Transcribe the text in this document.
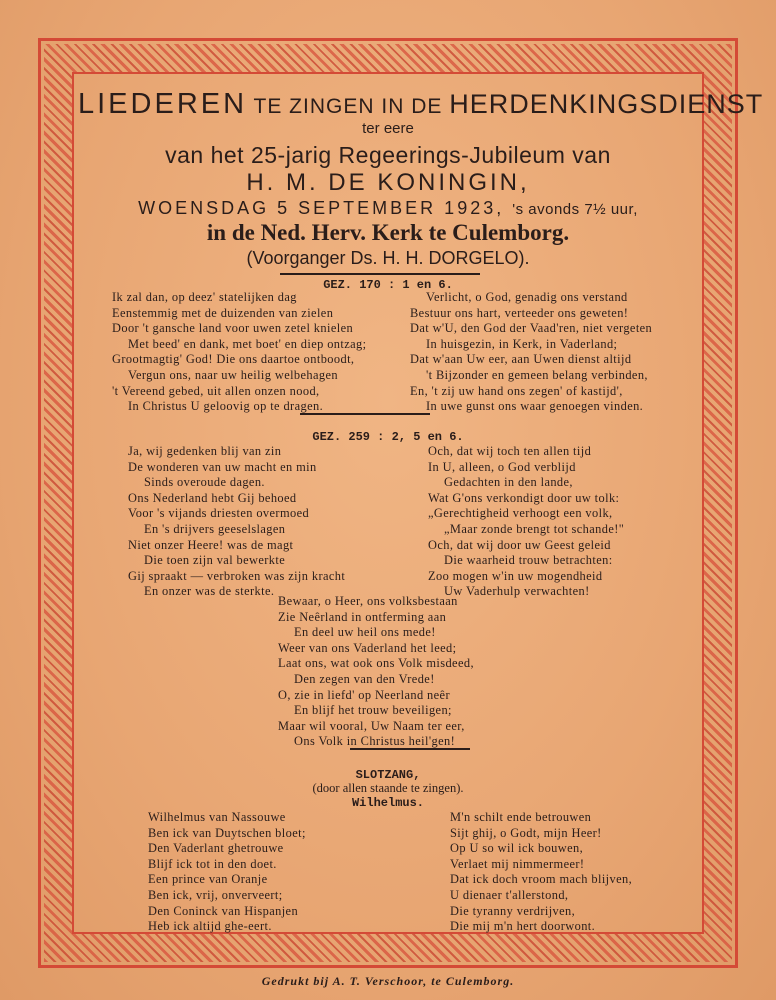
LIEDEREN TE ZINGEN IN DE HERDENKINGSDIENST
ter eere
van het 25-jarig Regeerings-Jubileum van
H. M. DE KONINGIN,
WOENSDAG 5 SEPTEMBER 1923, 's avonds 7½ uur,
in de Ned. Herv. Kerk te Culemborg.
(Voorganger Ds. H. H. DORGELO).
GEZ. 170 : 1 en 6.
Ik zal dan, op deez' statelijken dag
Eenstemmig met de duizenden van zielen
Door 't gansche land voor uwen zetel knielen
Met beed' en dank, met boet' en diep ontzag;
Grootmagtig' God! Die ons daartoe ontboodt,
Vergun ons, naar uw heilig welbehagen
't Vereend gebed, uit allen onzen nood,
In Christus U geloovig op te dragen.
Verlicht, o God, genadig ons verstand
Bestuur ons hart, verteeder ons geweten!
Dat w'U, den God der Vaad'ren, niet vergeten
In huisgezin, in Kerk, in Vaderland;
Dat w'aan Uw eer, aan Uwen dienst altijd
't Bijzonder en gemeen belang verbinden,
En, 't zij uw hand ons zegen' of kastijd',
In uwe gunst ons waar genoegen vinden.
GEZ. 259 : 2, 5 en 6.
Ja, wij gedenken blij van zin
De wonderen van uw macht en min
Sinds overoude dagen.
Ons Nederland hebt Gij behoed
Voor 's vijands driesten overmoed
En 's drijvers geeselslagen
Niet onzer Heere! was de magt
Die toen zijn val bewerkte
Gij spraakt — verbroken was zijn kracht
En onzer was de sterkte.
Och, dat wij toch ten allen tijd
In U, alleen, o God verblijd
Gedachten in den lande,
Wat G'ons verkondigt door uw tolk:
„Gerechtigheid verhoogt een volk,
„Maar zonde brengt tot schande!"
Och, dat wij door uw Geest geleid
Die waarheid trouw betrachten:
Zoo mogen w'in uw mogendheid
Uw Vaderhulp verwachten!
Bewaar, o Heer, ons volksbestaan
Zie Neêrland in ontferming aan
En deel uw heil ons mede!
Weer van ons Vaderland het leed;
Laat ons, wat ook ons Volk misdeed,
Den zegen van den Vrede!
O, zie in liefd' op Neerland neêr
En blijf het trouw beveiligen;
Maar wil vooral, Uw Naam ter eer,
Ons Volk in Christus heil'gen!
SLOTZANG,
(door allen staande te zingen).
Wilhelmus.
Wilhelmus van Nassouwe
Ben ick van Duytschen bloet;
Den Vaderlant ghetrouwe
Blijf ick tot in den doet.
Een prince van Oranje
Ben ick, vrij, onverveert;
Den Coninck van Hispanjen
Heb ick altijd ghe-eert.
M'n schilt ende betrouwen
Sijt ghij, o Godt, mijn Heer!
Op U so wil ick bouwen,
Verlaet mij nimmermeer!
Dat ick doch vroom mach blijven,
U dienaer t'allerstond,
Die tyranny verdrijven,
Die mij m'n hert doorwont.
Gedrukt bij A. T. Verschoor, te Culemborg.
